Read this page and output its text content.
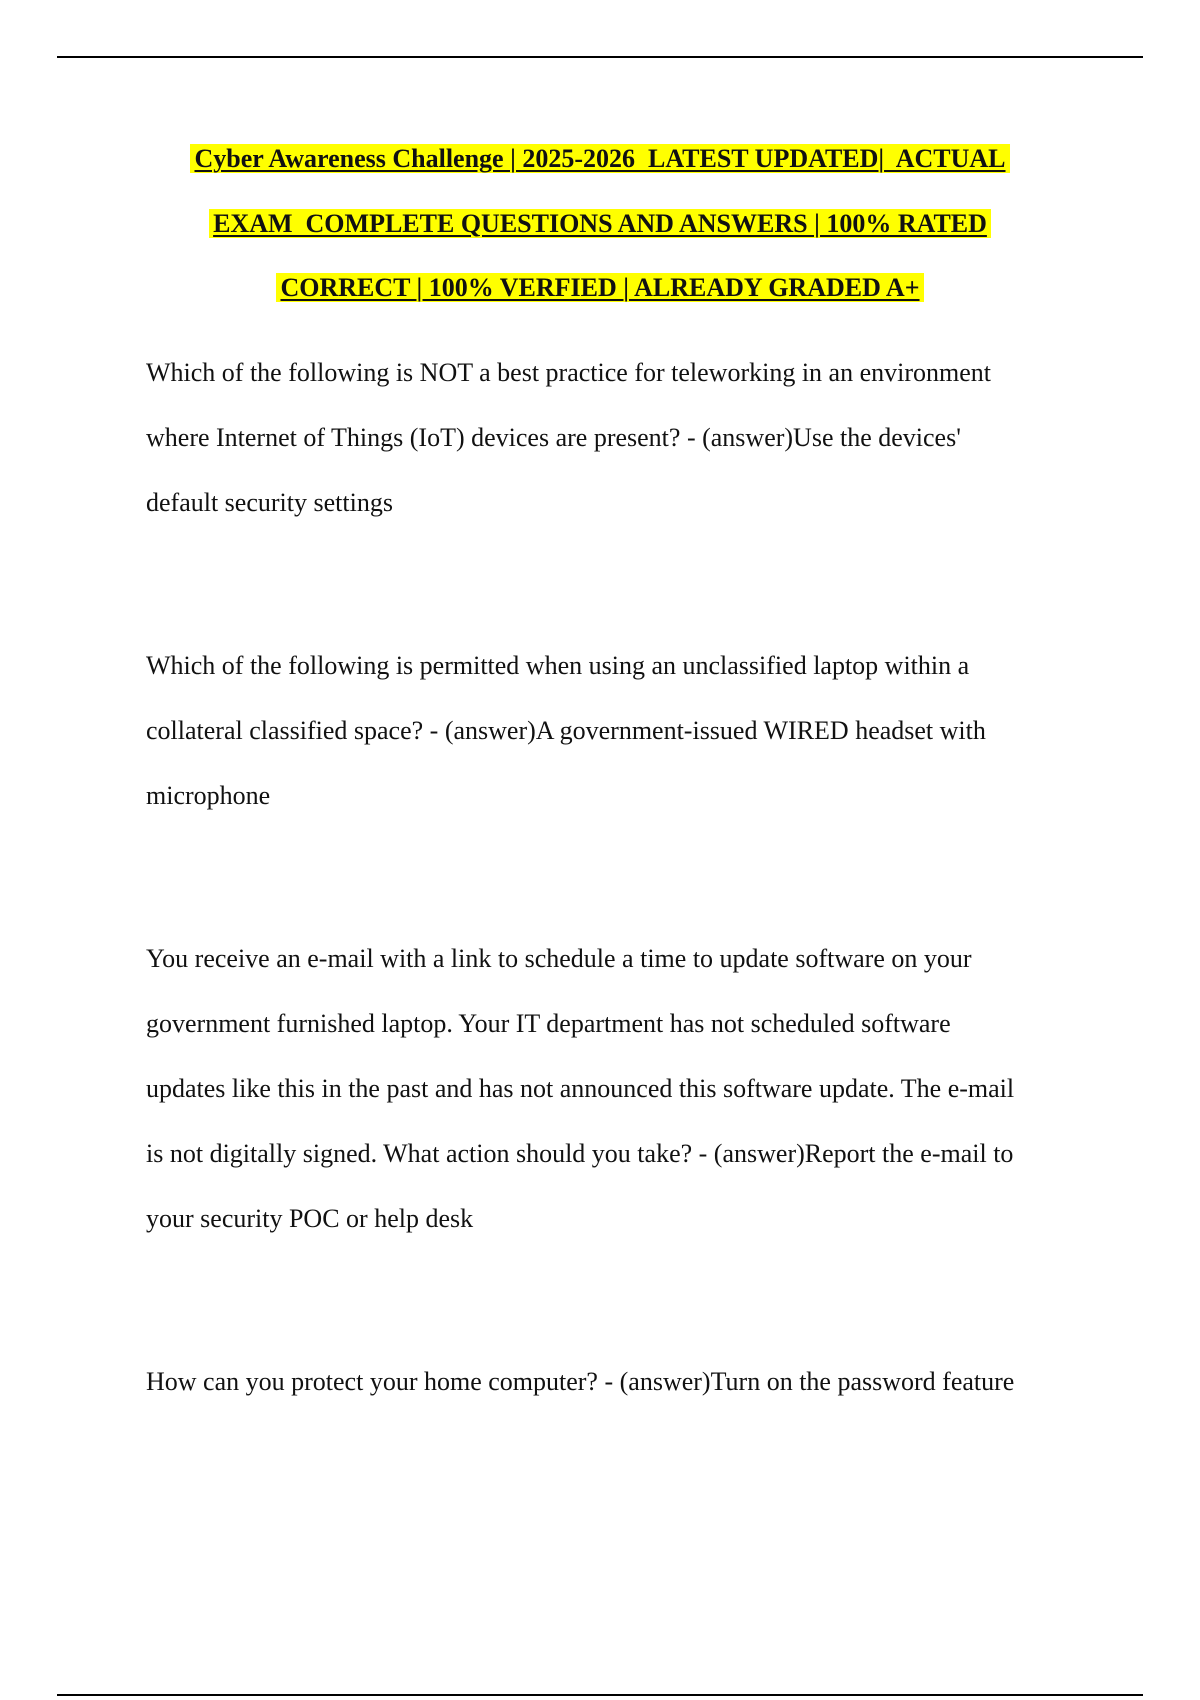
Cyber Awareness Challenge | 2025-2026  LATEST UPDATED|  ACTUAL
EXAM  COMPLETE QUESTIONS AND ANSWERS | 100% RATED
CORRECT | 100% VERFIED | ALREADY GRADED A+

Which of the following is NOT a best practice for teleworking in an environment
where Internet of Things (IoT) devices are present? - (answer)Use the devices'
default security settings

Which of the following is permitted when using an unclassified laptop within a
collateral classified space? - (answer)A government-issued WIRED headset with
microphone

You receive an e-mail with a link to schedule a time to update software on your
government furnished laptop. Your IT department has not scheduled software
updates like this in the past and has not announced this software update. The e-mail
is not digitally signed. What action should you take? - (answer)Report the e-mail to
your security POC or help desk

How can you protect your home computer? - (answer)Turn on the password feature
